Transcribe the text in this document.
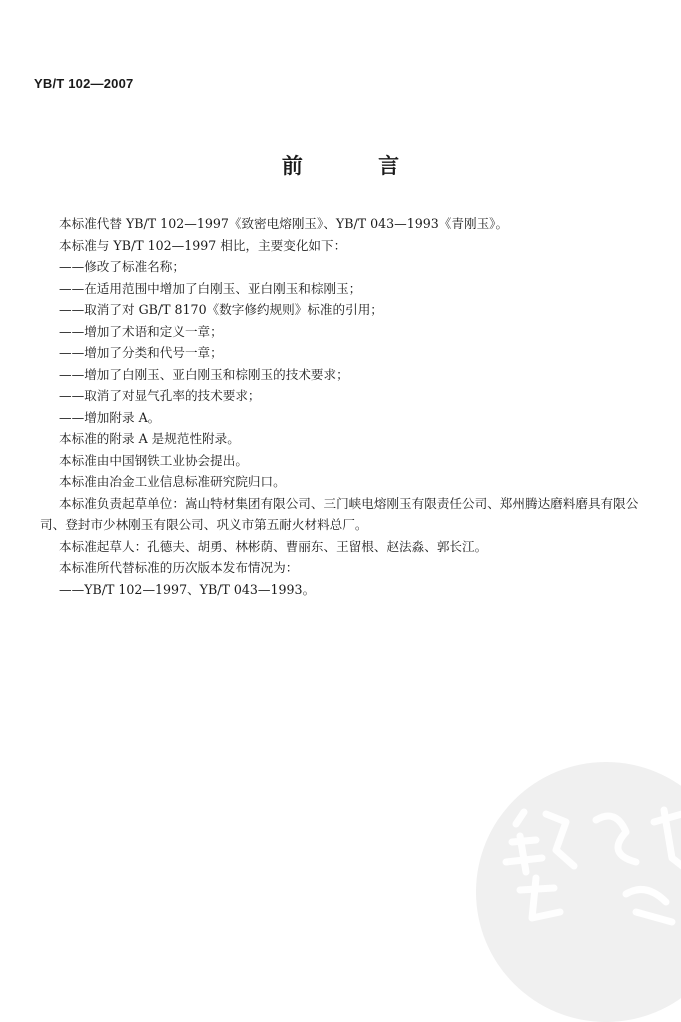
YB/T 102—2007
前 言

本标准代替 YB/T 102—1997《致密电熔刚玉》、YB/T 043—1993《青刚玉》。

本标准与 YB/T 102—1997 相比，主要变化如下：

——修改了标准名称；

——在适用范围中增加了白刚玉、亚白刚玉和棕刚玉；

——取消了对 GB/T 8170《数字修约规则》标准的引用；

——增加了术语和定义一章；

——增加了分类和代号一章；

——增加了白刚玉、亚白刚玉和棕刚玉的技术要求；

——取消了对显气孔率的技术要求；

——增加附录 A。

本标准的附录 A 是规范性附录。

本标准由中国钢铁工业协会提出。

本标准由冶金工业信息标准研究院归口。

本标准负责起草单位：嵩山特材集团有限公司、三门峡电熔刚玉有限责任公司、郑州腾达磨料磨具有限公司、登封市少林刚玉有限公司、巩义市第五耐火材料总厂。

本标准起草人：孔德夫、胡勇、林彬荫、曹丽东、王留根、赵法淼、郭长江。

本标准所代替标准的历次版本发布情况为：

——YB/T 102—1997、YB/T 043—1993。
